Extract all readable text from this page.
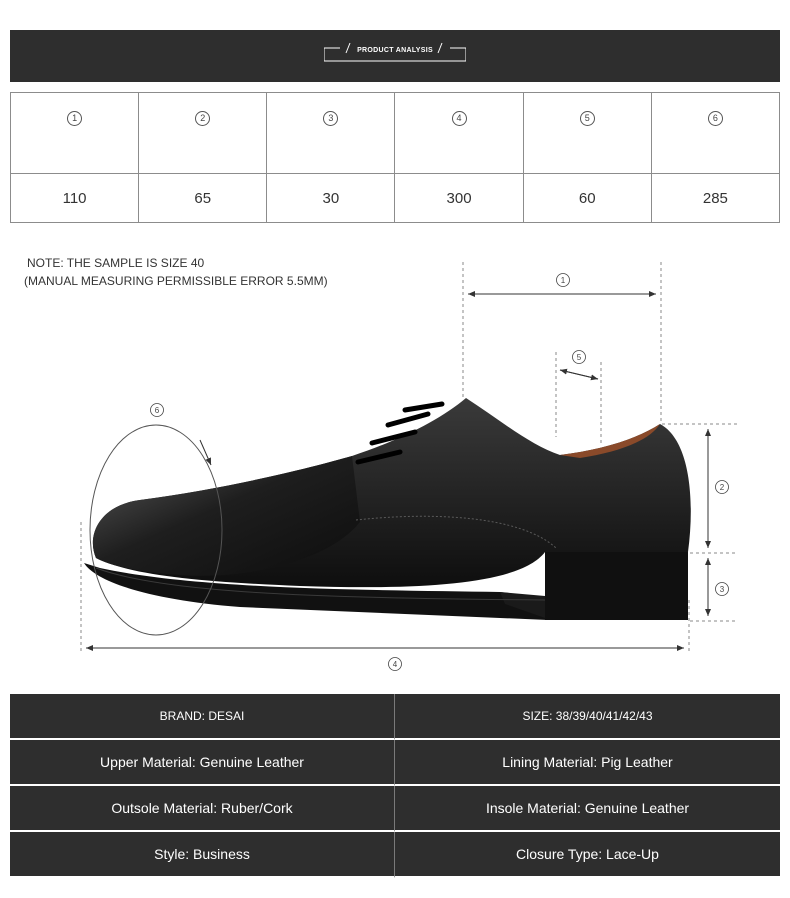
PRODUCT ANALYSIS
1	2	3	4	5	6
110	65	30	300	60	285
NOTE: THE SAMPLE IS SIZE 40
(MANUAL MEASURING PERMISSIBLE ERROR 5.5MM)	1
5
2
3
4
6
BRAND: DESAI	SIZE: 38/39/40/41/42/43
Upper Material: Genuine Leather	Lining Material: Pig Leather
Outsole Material: Ruber/Cork	Insole Material: Genuine Leather
Style: Business	Closure Type: Lace-Up
